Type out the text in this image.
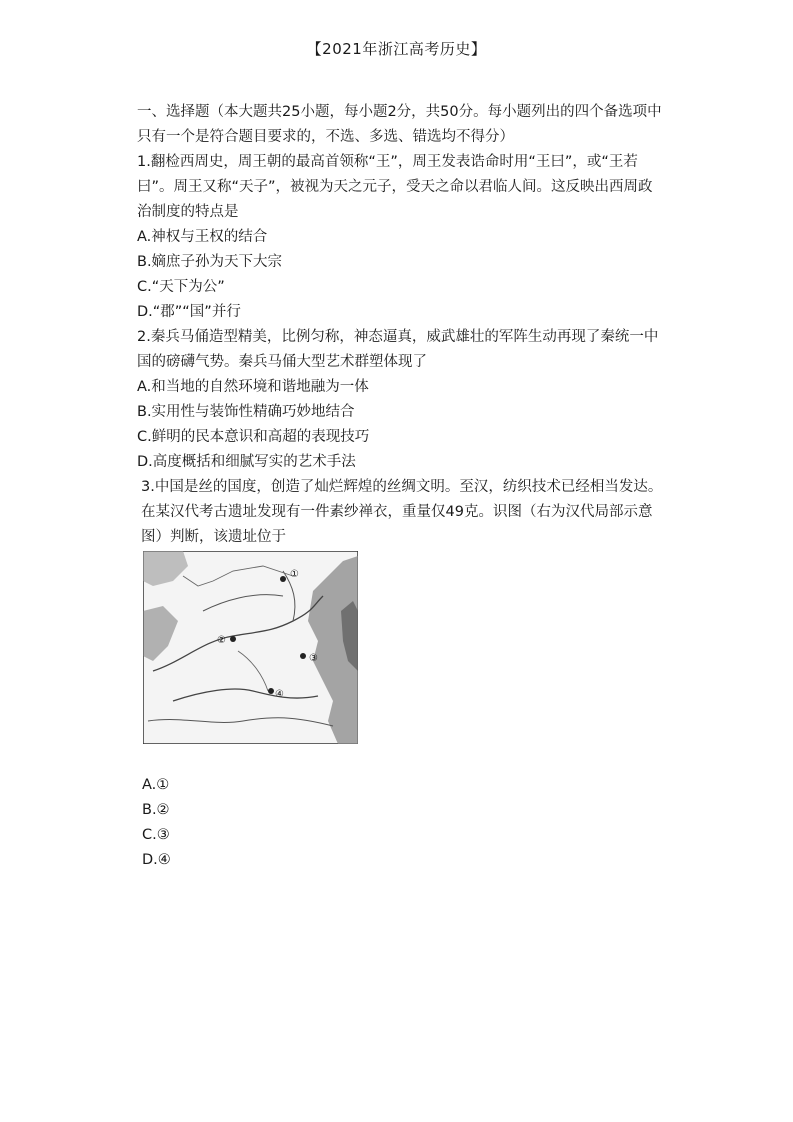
【2021年浙江高考历史】

一、选择题（本大题共25小题，每小题2分，共50分。每小题列出的四个备选项中只有一个是符合题目要求的，不选、多选、错选均不得分）

1.翻检西周史，周王朝的最高首领称“王”，周王发表诰命时用“王曰”，或“王若曰”。周王又称“天子”，被视为天之元子，受天之命以君临人间。这反映出西周政治制度的特点是

A.神权与王权的结合

B.嫡庶子孙为天下大宗

C.“天下为公”

D.“郡”“国”并行

2.秦兵马俑造型精美，比例匀称，神态逼真，威武雄壮的军阵生动再现了秦统一中国的磅礴气势。秦兵马俑大型艺术群塑体现了

A.和当地的自然环境和谐地融为一体

B.实用性与装饰性精确巧妙地结合

C.鲜明的民本意识和高超的表现技巧

D.高度概括和细腻写实的艺术手法

3.中国是丝的国度，创造了灿烂辉煌的丝绸文明。至汉，纺织技术已经相当发达。在某汉代考古遗址发现有一件素纱禅衣，重量仅49克。识图（右为汉代局部示意图）判断，该遗址位于

①
②
③
④

A.①

B.②

C.③

D.④
